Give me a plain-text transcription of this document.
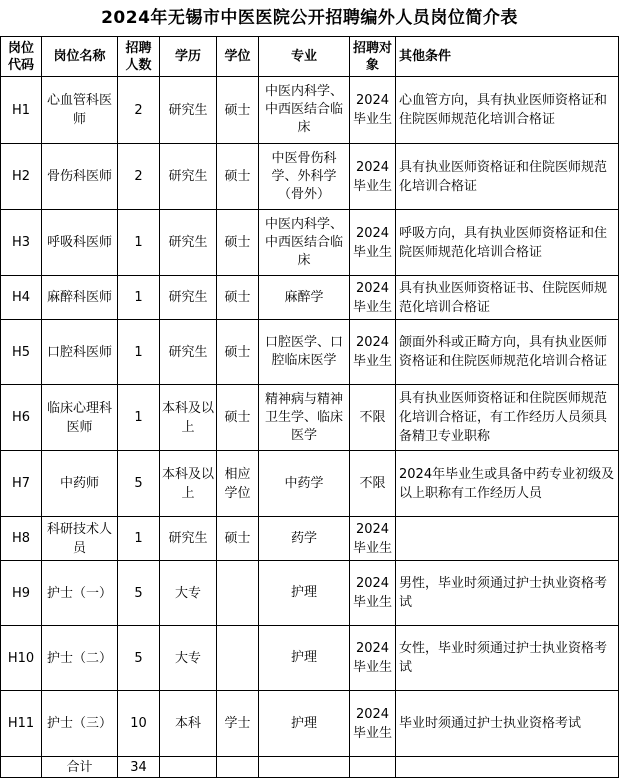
2024年无锡市中医医院公开招聘编外人员岗位简介表
岗位代码	岗位名称	招聘人数	学历	学位	专业	招聘对象	其他条件
H1	心血管科医师	2	研究生	硕士	中医内科学、中西医结合临床	2024毕业生	心血管方向，具有执业医师资格证和住院医师规范化培训合格证
H2	骨伤科医师	2	研究生	硕士	中医骨伤科学、外科学（骨外）	2024毕业生	具有执业医师资格证和住院医师规范化培训合格证
H3	呼吸科医师	1	研究生	硕士	中医内科学、中西医结合临床	2024毕业生	呼吸方向，具有执业医师资格证和住院医师规范化培训合格证
H4	麻醉科医师	1	研究生	硕士	麻醉学	2024毕业生	具有执业医师资格证书、住院医师规范化培训合格证
H5	口腔科医师	1	研究生	硕士	口腔医学、口腔临床医学	2024毕业生	颌面外科或正畸方向，具有执业医师资格证和住院医师规范化培训合格证
H6	临床心理科医师	1	本科及以上	硕士	精神病与精神卫生学、临床医学	不限	具有执业医师资格证和住院医师规范化培训合格证，有工作经历人员须具备精卫专业职称
H7	中药师	5	本科及以上	相应学位	中药学	不限	2024年毕业生或具备中药专业初级及以上职称有工作经历人员
H8	科研技术人员	1	研究生	硕士	药学	2024毕业生	
H9	护士（一）	5	大专		护理	2024毕业生	男性，毕业时须通过护士执业资格考试
H10	护士（二）	5	大专		护理	2024毕业生	女性，毕业时须通过护士执业资格考试
H11	护士（三）	10	本科	学士	护理	2024毕业生	毕业时须通过护士执业资格考试
	合计	34					
